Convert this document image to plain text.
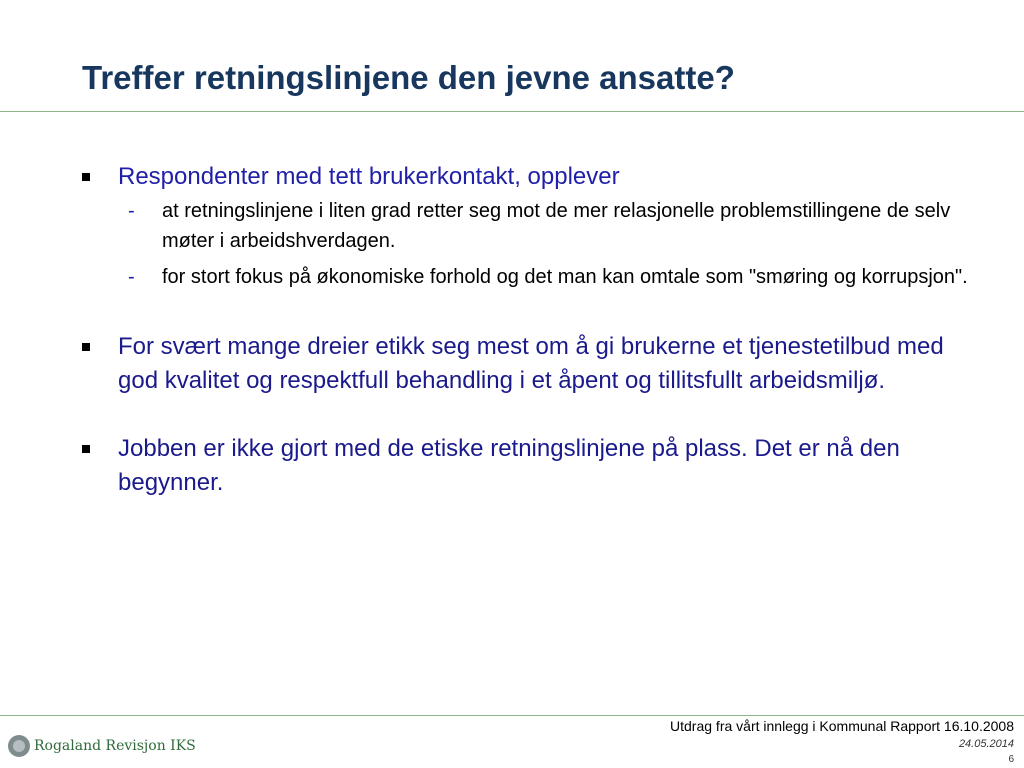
Treffer retningslinjene den jevne ansatte?
Respondenter med tett brukerkontakt, opplever
- at retningslinjene i liten grad retter seg mot de mer relasjonelle problemstillingene de selv møter i arbeidshverdagen.
- for stort fokus på økonomiske forhold og det man kan omtale som "smøring og korrupsjon".
For svært mange dreier etikk seg mest om å gi brukerne et tjenestetilbud med god kvalitet og respektfull behandling i et åpent og tillitsfullt arbeidsmiljø.
Jobben er ikke gjort med de etiske retningslinjene på plass. Det er nå den begynner.
Rogaland Revisjon IKS
Utdrag fra vårt innlegg i Kommunal Rapport 16.10.2008
24.05.2014
6
